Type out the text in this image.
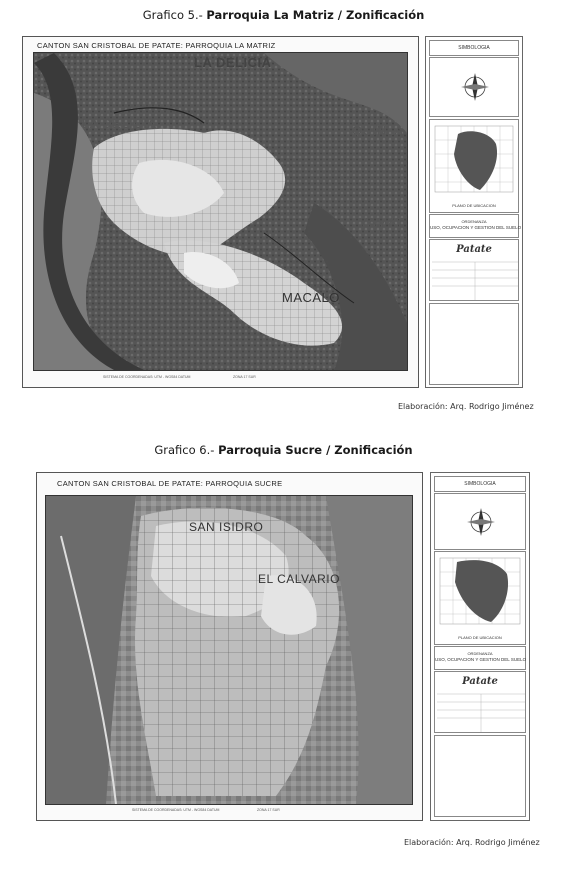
Grafico 5.- Parroquia La Matriz / Zonificación
CANTON SAN CRISTOBAL DE PATATE: PARROQUIA LA MATRIZ
LA DELICIA
LA DELICIA	QUINLA
YAMAT
MACALO
SISTEMA DE COORDENADAS: UTM - WGS84 DATUM	ZONA 17 SUR
SIMBOLOGIA
PLANO DE UBICACION
ORDENANZA
USO, OCUPACION Y GESTION DEL SUELO
Patate
Elaboración: Arq. Rodrigo Jiménez
Grafico 6.- Parroquia Sucre / Zonificación
CANTON SAN CRISTOBAL DE PATATE: PARROQUIA SUCRE
SAN ISIDRO
EL CALVARIO
SISTEMA DE COORDENADAS: UTM - WGS84 DATUM	ZONA 17 SUR
SIMBOLOGIA
PLANO DE UBICACION
ORDENANZA
USO, OCUPACION Y GESTION DEL SUELO
Patate
Elaboración: Arq. Rodrigo Jiménez
